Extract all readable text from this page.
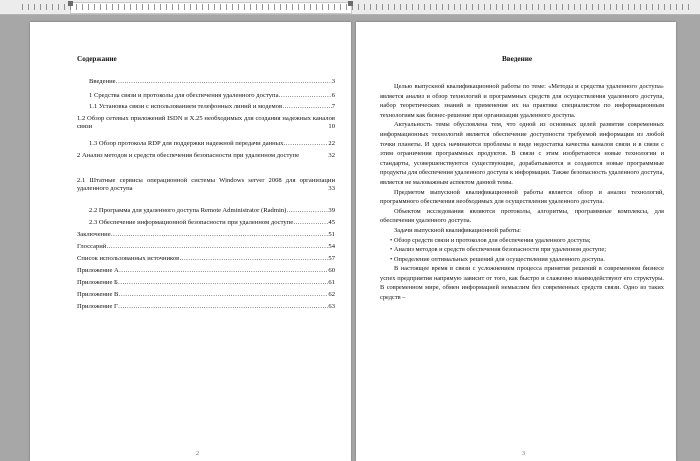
Содержание
Введение …………………………………………………………………………………………………………………………………………………	3
1 Средства связи и протоколы для обеспечения удаленного доступа …………………………………………………………………………………………………………………………………………………	6
1.1 Установка связи с использованием телефонных линий и модемов …………………………………………………………………………………………………………………………………………………	7
1.2 Обзор сетевых приложений ISDN и X.25 необходимых для создания надежных каналов связи	10
1.3 Обзор протокола RDP для поддержки надежной передачи данных …………………………………………………………………………………………………………………………………………………	22
2 Анализ методов и средств обеспечения безопасности при удаленном доступе	32
2.1 Штатные сервисы операционной системы Windows server 2008 для организации удаленного доступа	33
2.2 Программа для удаленного доступа Remote Administrator (Radmin) …………………………………………………………………………………………………………………………………………………	39
2.3 Обеспечение информационной безопасности при удаленном доступе …………………………………………………………………………………………………………………………………………………	45
Заключение …………………………………………………………………………………………………………………………………………………	51
Глоссарий …………………………………………………………………………………………………………………………………………………	54
Список использованных источников …………………………………………………………………………………………………………………………………………………	57
Приложение А …………………………………………………………………………………………………………………………………………………	60
Приложение Б …………………………………………………………………………………………………………………………………………………	61
Приложение В …………………………………………………………………………………………………………………………………………………	62
Приложение Г …………………………………………………………………………………………………………………………………………………	63
2
Введение

Целью выпускной квалификационной работы по теме: «Методы и средства удаленного доступа» является анализ и обзор технологий и программных средств для осуществления удаленного доступа, набор теоретических знаний и применения их на практике специалистом по информационным технологиям как бизнес-решение при организации удаленного доступа.

Актуальность темы обусловлена тем, что одной из основных целей развития современных информационных технологий является обеспечение доступности требуемой информации из любой точки планеты. И здесь начинаются проблемы в виде недостатка качества каналов связи и в связи с этим ограничения программных продуктов. В связи с этим изобретаются новые технологии и стандарты, усовершенствуются существующие, дорабатываются и создаются новые программные продукты для обеспечения удаленного доступа к информации. Также безопасность удаленного доступа, является не маловажным аспектом данной темы.

Предметом выпускной квалификационной работы является обзор и анализ технологий, программного обеспечения необходимых для осуществления удаленного доступа.

Объектом исследования являются протоколы, алгоритмы, программные комплексы, для обеспечения удаленного доступа.

Задачи выпускной квалификационной работы:

• Обзор средств связи и протоколов для обеспечения удаленного доступа;

• Анализ методов и средств обеспечения безопасности при удаленном доступе;

• Определение оптимальных решений для осуществления удаленного доступа.

В настоящее время в связи с усложнением процесса принятия решений в современном бизнесе успех предприятия напрямую зависит от того, как быстро и слаженно взаимодействуют его структуры. В современном мире, обмен информацией немыслим без современных средств связи. Одно из таких средств –

3
